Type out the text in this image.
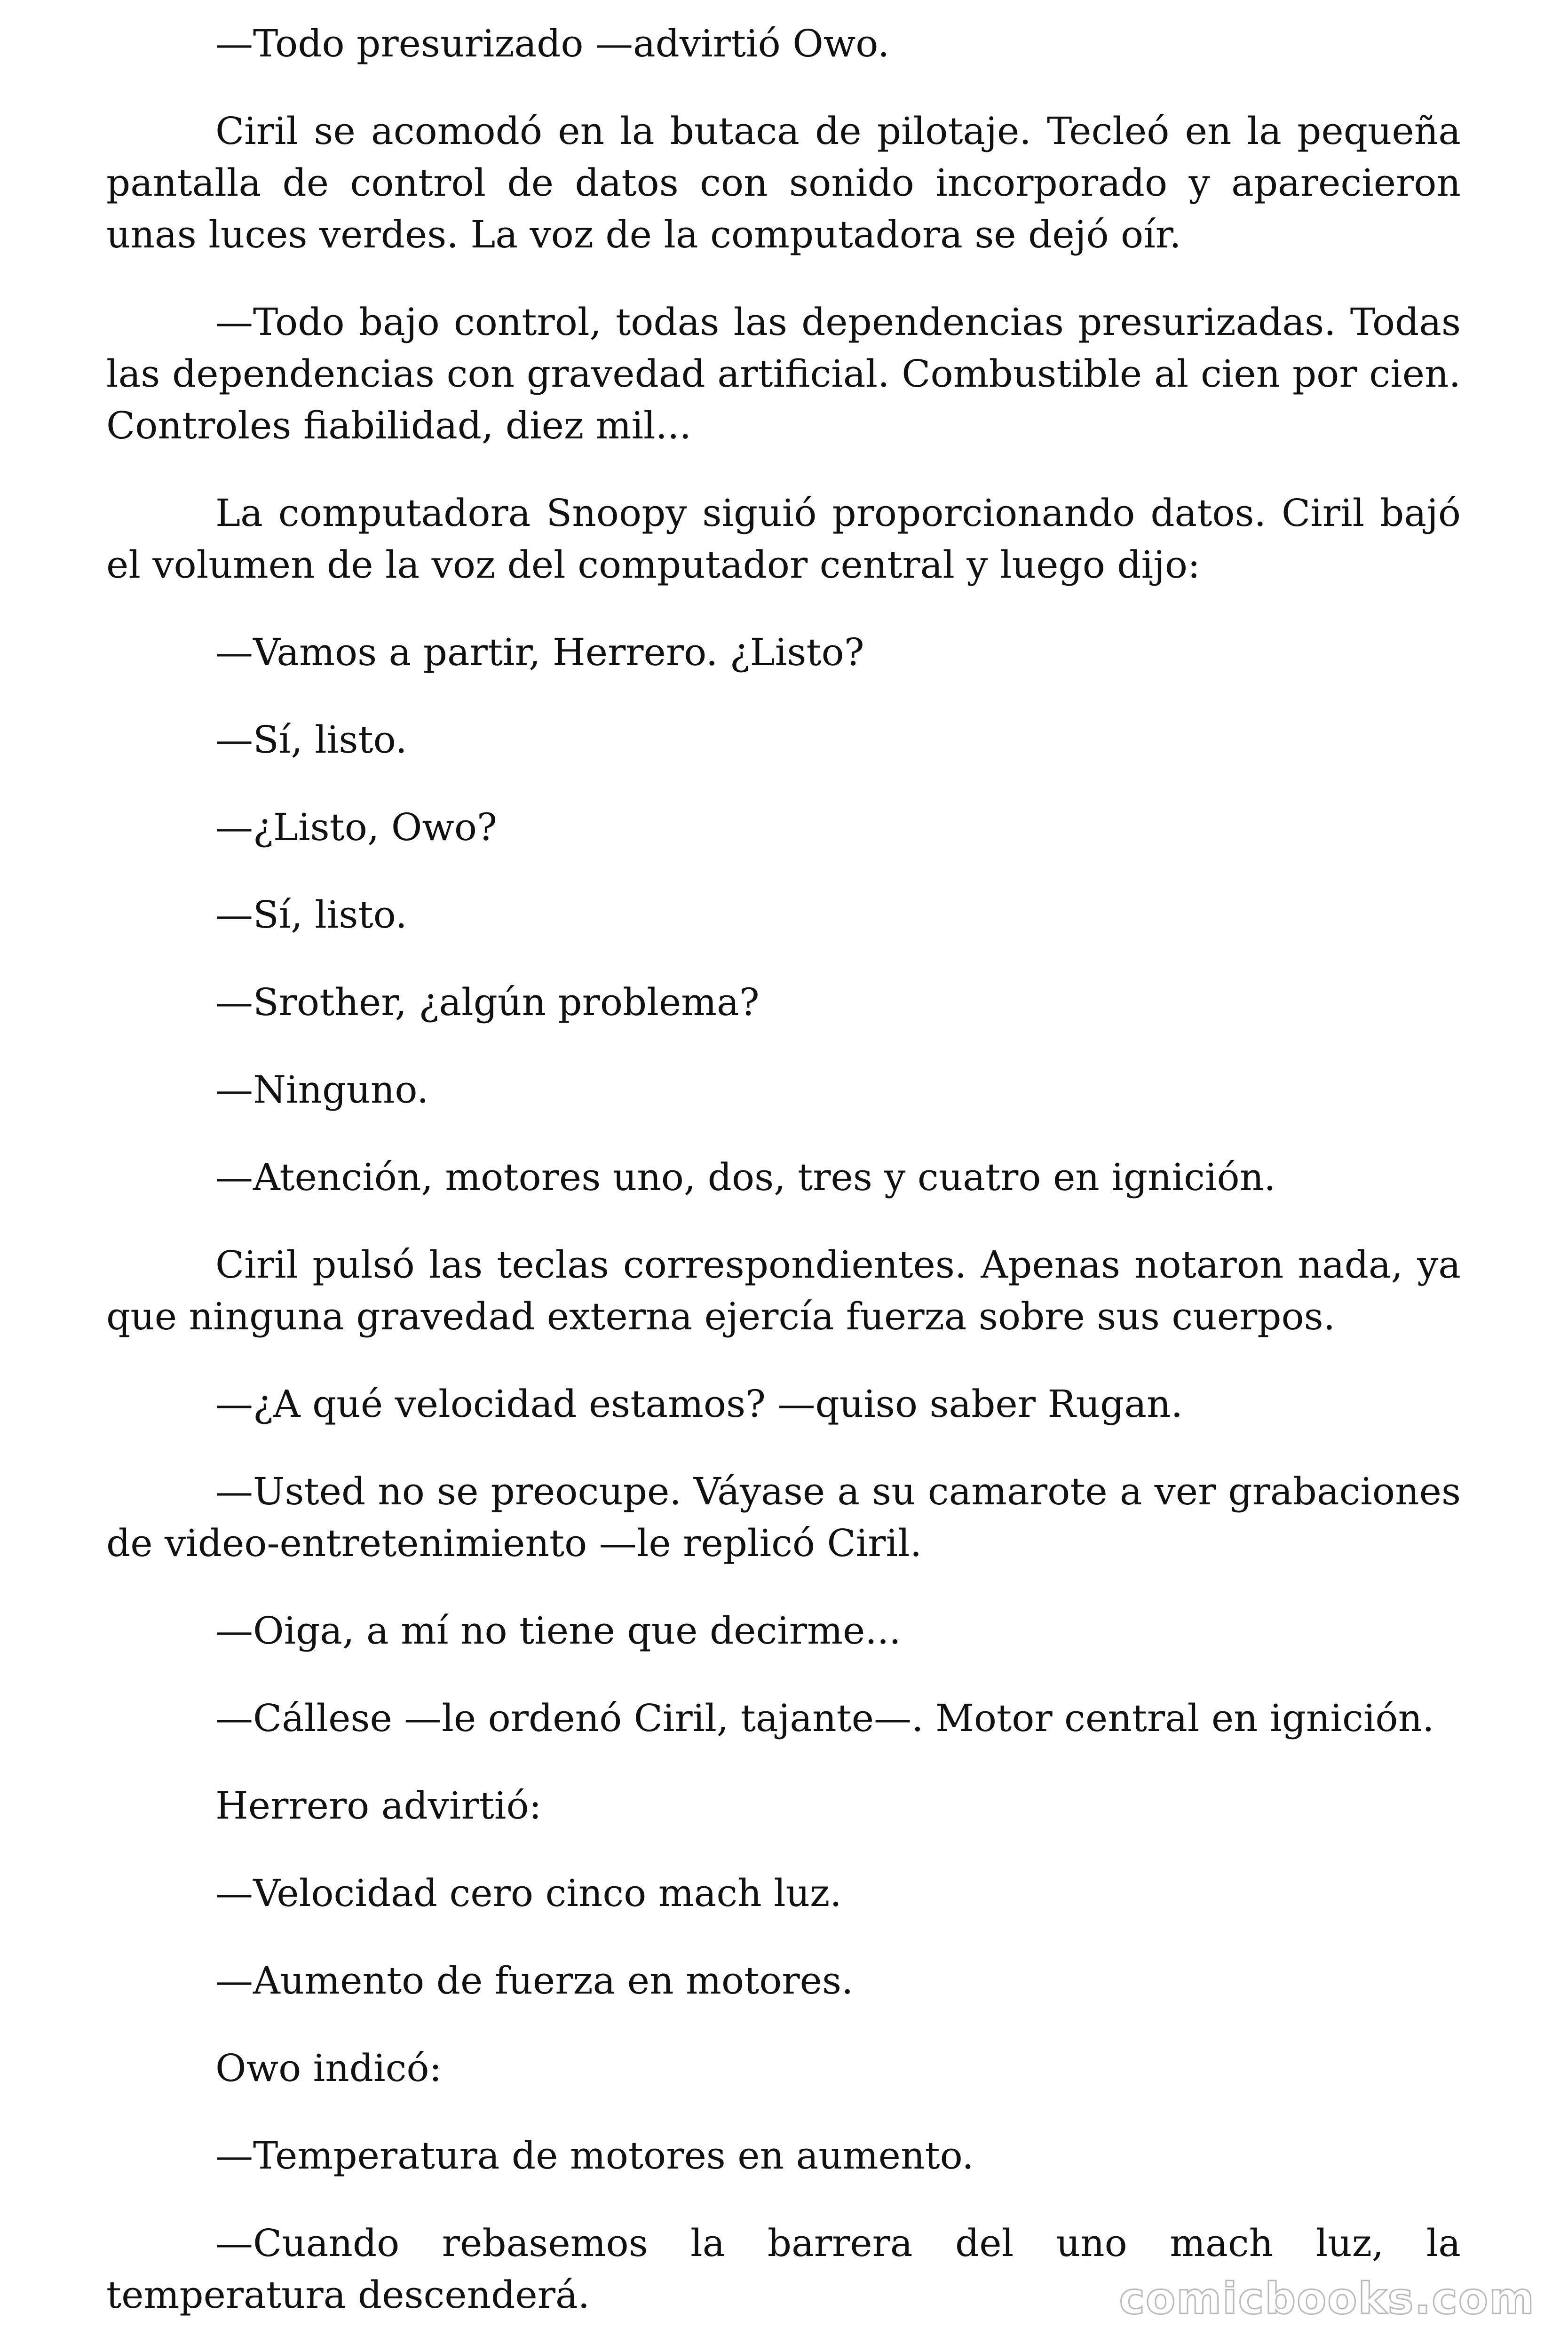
—Todo presurizado —advirtió Owo.

Ciril se acomodó en la butaca de pilotaje. Tecleó en la pequeña pantalla de control de datos con sonido incorporado y aparecieron unas luces verdes. La voz de la computadora se dejó oír.

—Todo bajo control, todas las dependencias presurizadas. Todas las dependencias con gravedad artificial. Combustible al cien por cien. Controles fiabilidad, diez mil...

La computadora Snoopy siguió proporcionando datos. Ciril bajó el volumen de la voz del computador central y luego dijo:

—Vamos a partir, Herrero. ¿Listo?

—Sí, listo.

—¿Listo, Owo?

—Sí, listo.

—Srother, ¿algún problema?

—Ninguno.

—Atención, motores uno, dos, tres y cuatro en ignición.

Ciril pulsó las teclas correspondientes. Apenas notaron nada, ya que ninguna gravedad externa ejercía fuerza sobre sus cuerpos.

—¿A qué velocidad estamos? —quiso saber Rugan.

—Usted no se preocupe. Váyase a su camarote a ver grabaciones de video-entretenimiento —le replicó Ciril.

—Oiga, a mí no tiene que decirme...

—Cállese —le ordenó Ciril, tajante—. Motor central en ignición.

Herrero advirtió:

—Velocidad cero cinco mach luz.

—Aumento de fuerza en motores.

Owo indicó:

—Temperatura de motores en aumento.

—Cuando rebasemos la barrera del uno mach luz, la temperatura descenderá.	comicbooks.com
